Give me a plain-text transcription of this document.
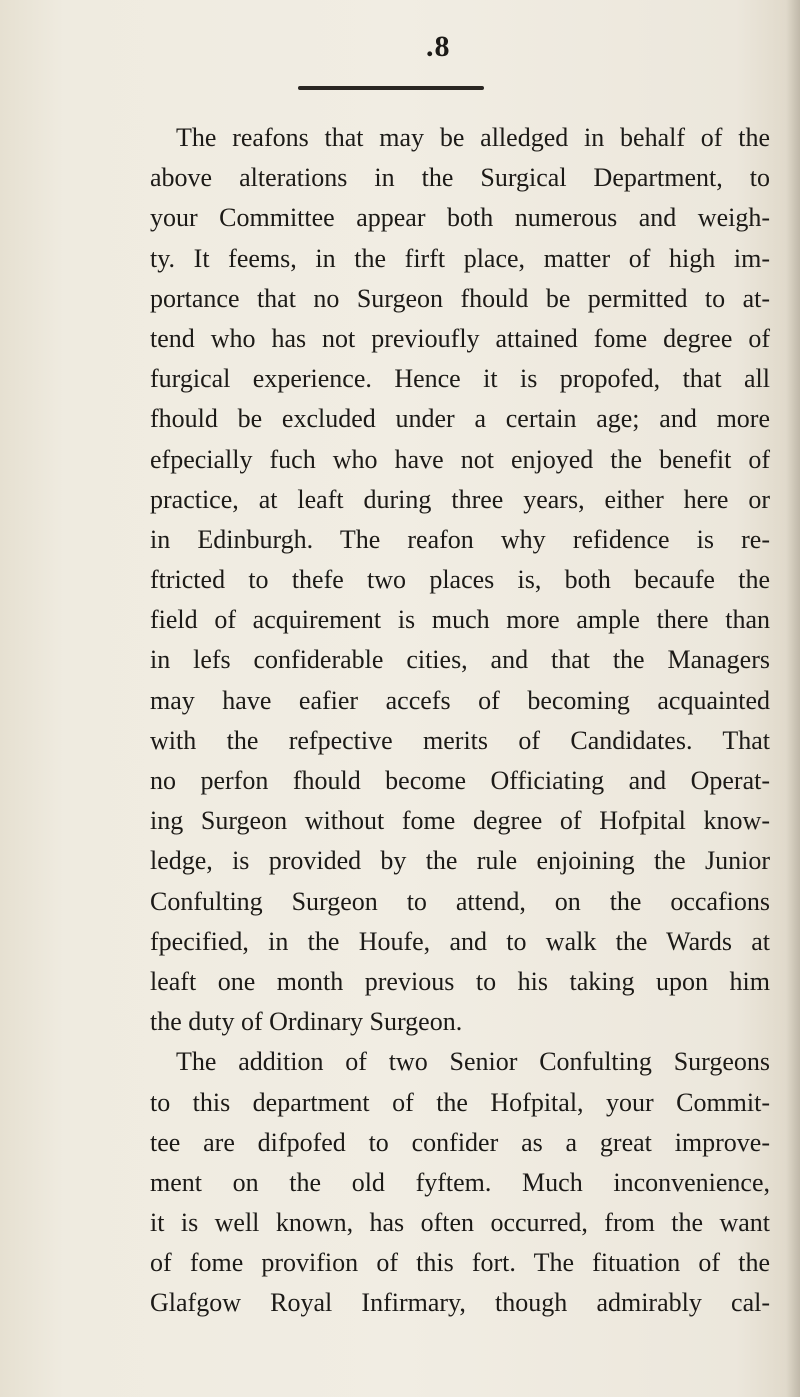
.8
The reafons that may be alledged in behalf of the
above alterations in the Surgical Department, to
your Committee appear both numerous and weigh-
ty. It feems, in the firft place, matter of high im-
portance that no Surgeon fhould be permitted to at-
tend who has not previoufly attained fome degree of
furgical experience. Hence it is propofed, that all
fhould be excluded under a certain age; and more
efpecially fuch who have not enjoyed the benefit of
practice, at leaft during three years, either here or
in Edinburgh. The reafon why refidence is re-
ftricted to thefe two places is, both becaufe the
field of acquirement is much more ample there than
in lefs confiderable cities, and that the Managers
may have eafier accefs of becoming acquainted
with the refpective merits of Candidates. That
no perfon fhould become Officiating and Operat-
ing Surgeon without fome degree of Hofpital know-
ledge, is provided by the rule enjoining the Junior
Confulting Surgeon to attend, on the occafions
fpecified, in the Houfe, and to walk the Wards at
leaft one month previous to his taking upon him
the duty of Ordinary Surgeon.
The addition of two Senior Confulting Surgeons
to this department of the Hofpital, your Commit-
tee are difpofed to confider as a great improve-
ment on the old fyftem. Much inconvenience,
it is well known, has often occurred, from the want
of fome provifion of this fort. The fituation of the
Glafgow Royal Infirmary, though admirably cal-
